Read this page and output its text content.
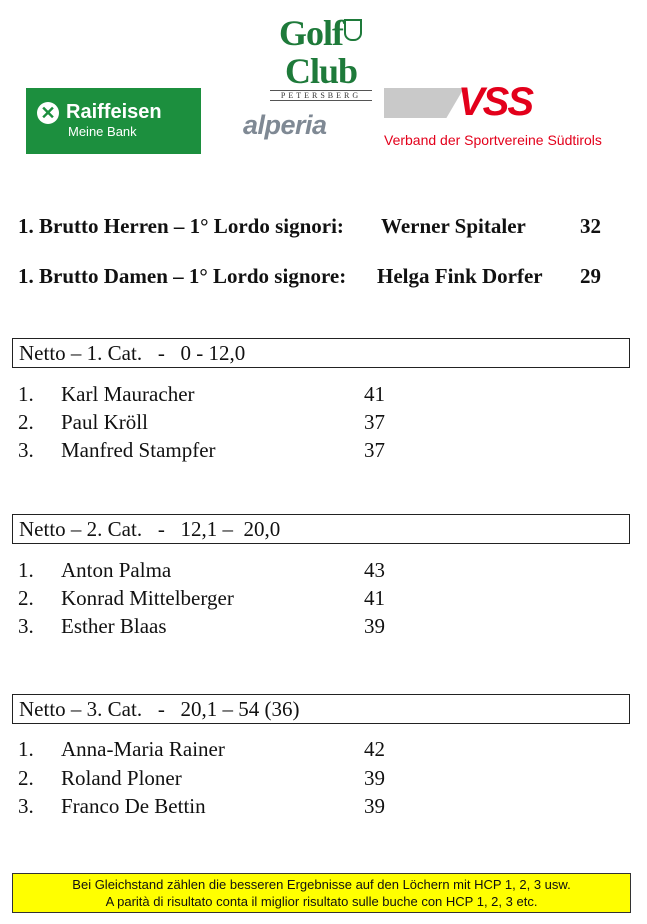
GolfClub
PETERSBERG
✕ Raiffeisen
Meine Bank	alperia
VSS
Verband der Sportvereine Südtirols
1. Brutto Herren – 1° Lordo signori: Werner Spitaler	32
1. Brutto Damen – 1° Lordo signore: Helga Fink Dorfer 29
Netto – 1. Cat.   -   0 - 12,0
1. Karl Mauracher	41
2. Paul Kröll	37
3. Manfred Stampfer	37
Netto – 2. Cat.   -   12,1 –  20,0
1. Anton Palma	43
2. Konrad Mittelberger	41
3. Esther Blaas	39
Netto – 3. Cat.   -   20,1 – 54 (36)
1. Anna-Maria Rainer	42
2. Roland Ploner	39
3. Franco De Bettin	39
Bei Gleichstand zählen die besseren Ergebnisse auf den Löchern mit HCP 1, 2, 3 usw.
A parità di risultato conta il miglior risultato sulle buche con HCP 1, 2, 3 etc.
